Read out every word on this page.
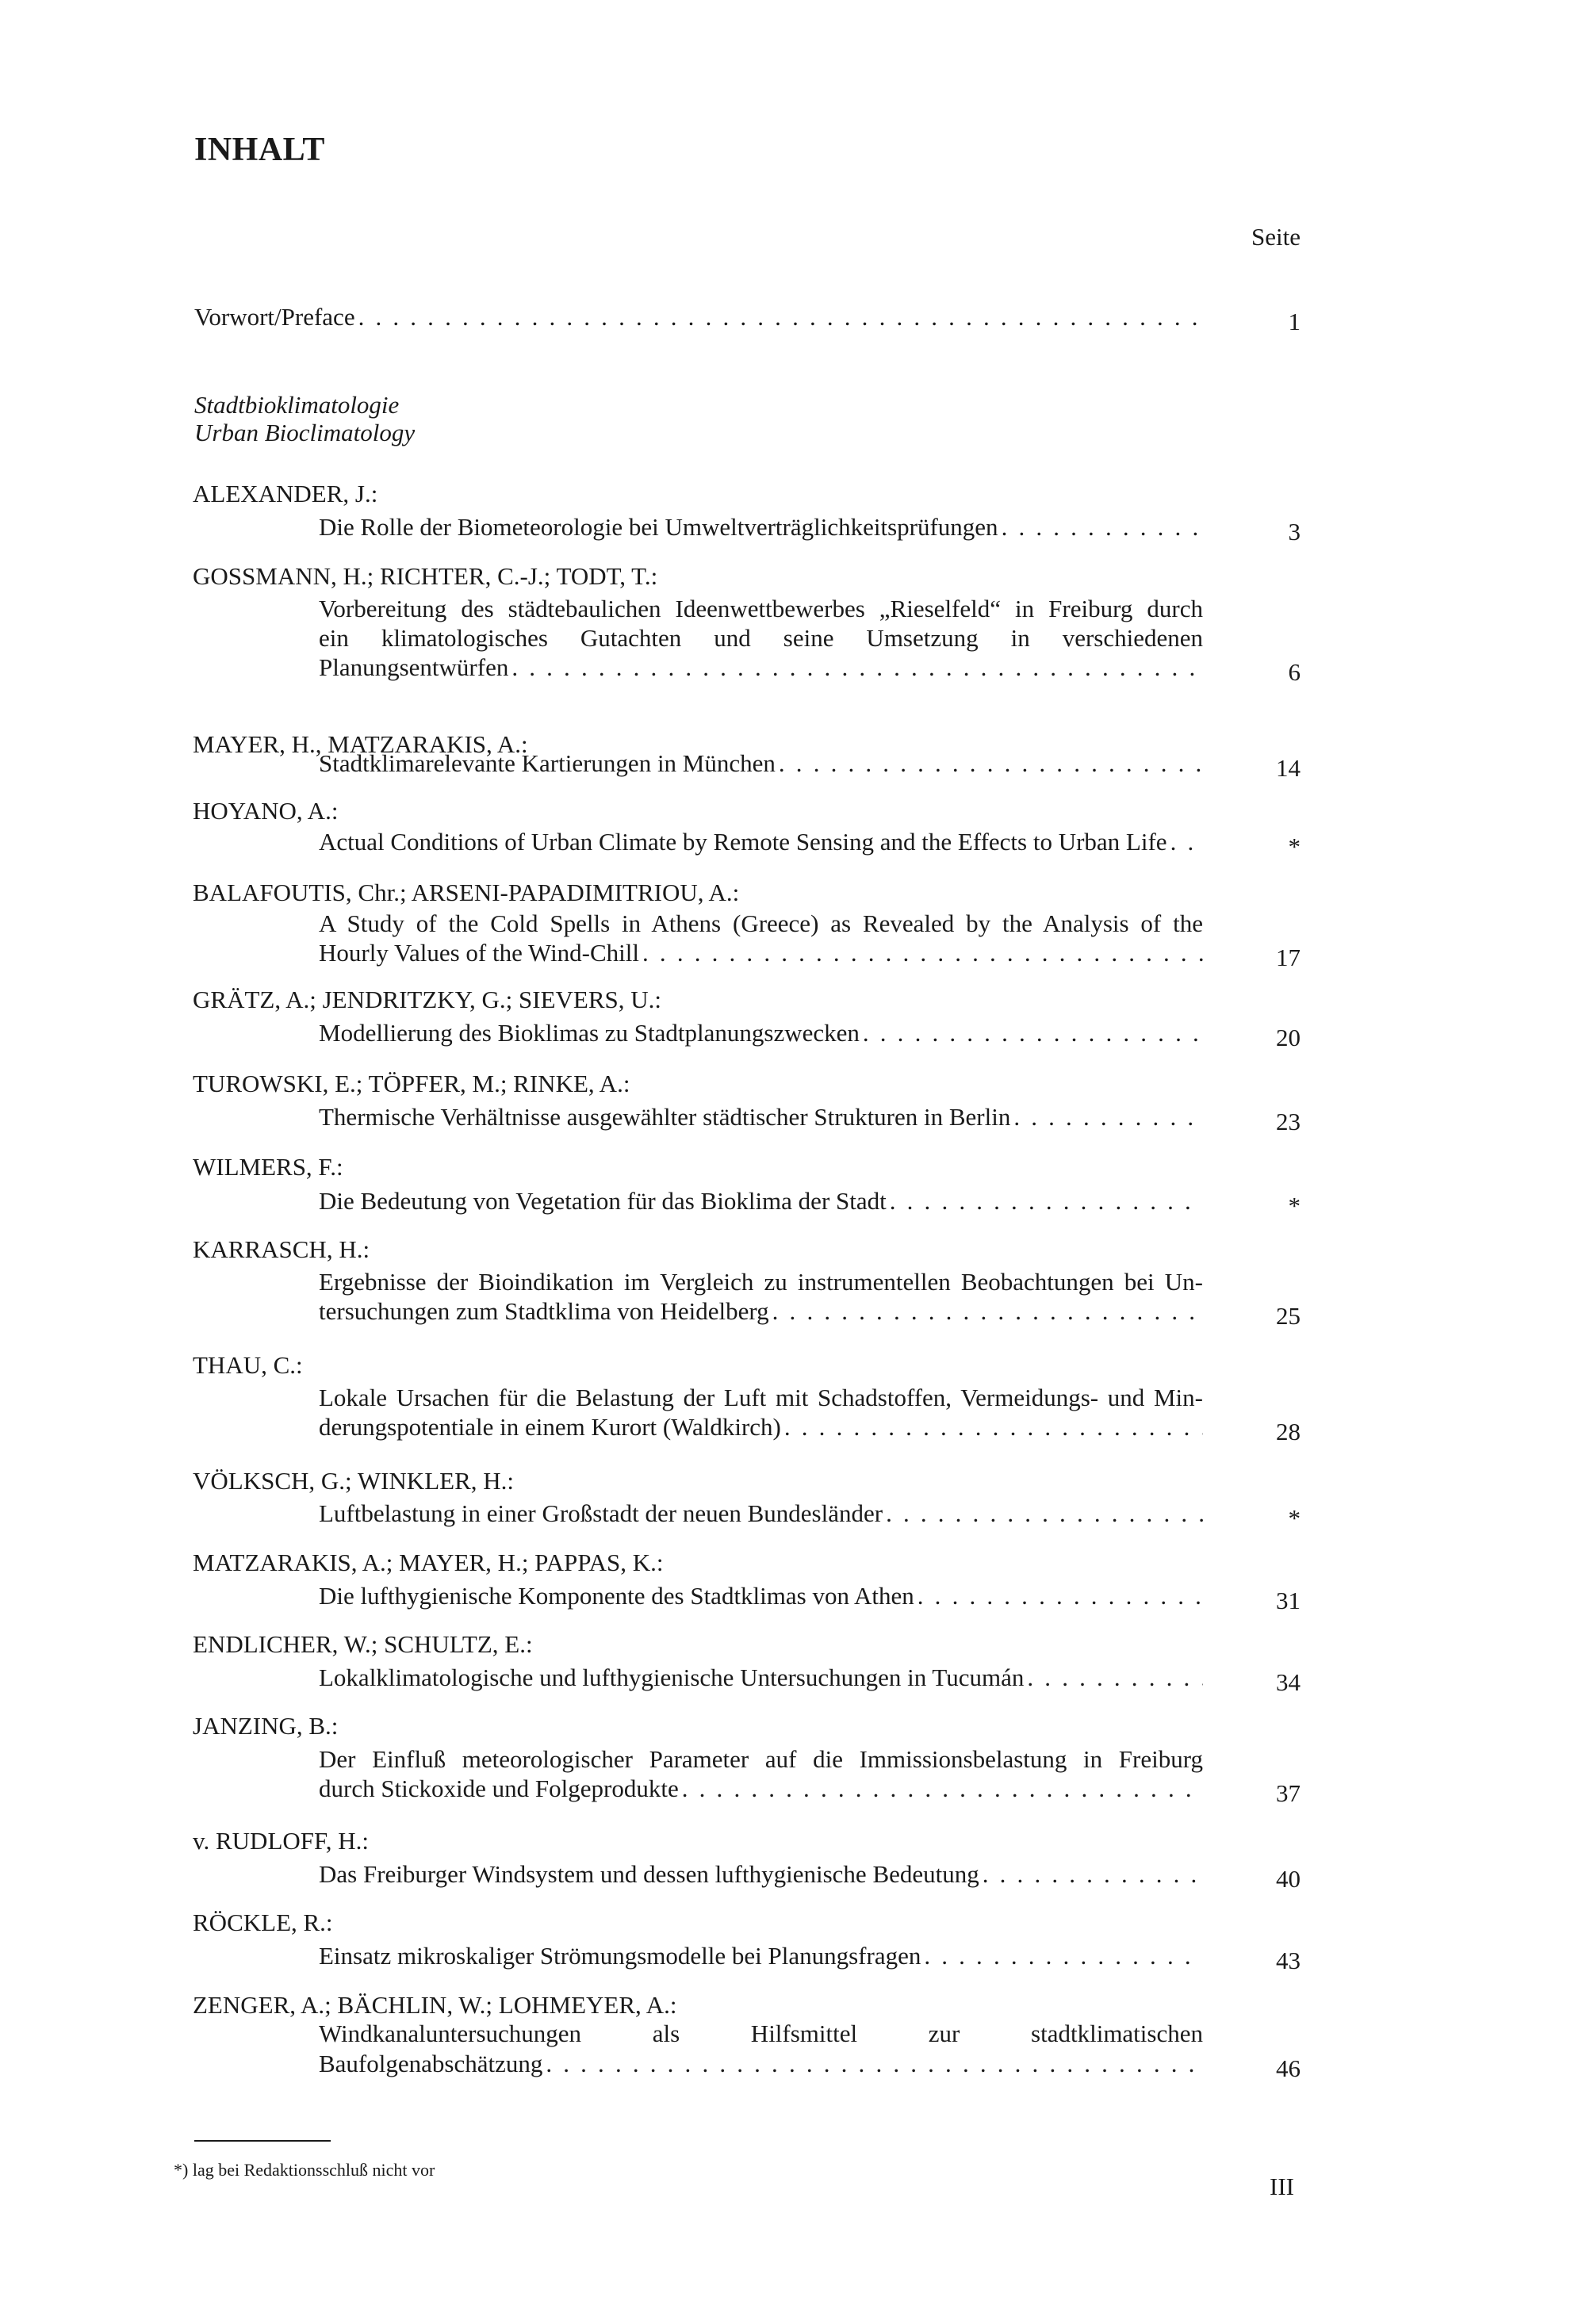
INHALT
Seite
Vorwort/Preface . . .	1
Stadtbioklimatologie
Urban Bioclimatology
ALEXANDER, J.:
Die Rolle der Biometeorologie bei Umweltverträglichkeitsprüfungen . . .	3
GOSSMANN, H.; RICHTER, C.-J.; TODT, T.:
Vorbereitung des städtebaulichen Ideenwettbewerbes „Rieselfeld“ in Freiburg durch
ein klimatologisches Gutachten und seine Umsetzung in verschiedenen
Planungsentwürfen . . .	6
MAYER, H., MATZARAKIS, A.:
Stadtklimarelevante Kartierungen in München . . .	14
HOYANO, A.:
Actual Conditions of Urban Climate by Remote Sensing and the Effects to Urban Life . . .	*
BALAFOUTIS, Chr.; ARSENI-PAPADIMITRIOU, A.:
A Study of the Cold Spells in Athens (Greece) as Revealed by the Analysis of the
Hourly Values of the Wind-Chill . . .	17
GRÄTZ, A.; JENDRITZKY, G.; SIEVERS, U.:
Modellierung des Bioklimas zu Stadtplanungszwecken . . .	20
TUROWSKI, E.; TÖPFER, M.; RINKE, A.:
Thermische Verhältnisse ausgewählter städtischer Strukturen in Berlin . . .	23
WILMERS, F.:
Die Bedeutung von Vegetation für das Bioklima der Stadt . . .	*
KARRASCH, H.:
Ergebnisse der Bioindikation im Vergleich zu instrumentellen Beobachtungen bei Un-
tersuchungen zum Stadtklima von Heidelberg . . .	25
THAU, C.:
Lokale Ursachen für die Belastung der Luft mit Schadstoffen, Vermeidungs- und Min-
derungspotentiale in einem Kurort (Waldkirch) . . .	28
VÖLKSCH, G.; WINKLER, H.:
Luftbelastung in einer Großstadt der neuen Bundesländer . . .	*
MATZARAKIS, A.; MAYER, H.; PAPPAS, K.:
Die lufthygienische Komponente des Stadtklimas von Athen . . .	31
ENDLICHER, W.; SCHULTZ, E.:
Lokalklimatologische und lufthygienische Untersuchungen in Tucumán . . .	34
JANZING, B.:
Der Einfluß meteorologischer Parameter auf die Immissionsbelastung in Freiburg
durch Stickoxide und Folgeprodukte . . .	37
v. RUDLOFF, H.:
Das Freiburger Windsystem und dessen lufthygienische Bedeutung . . .	40
RÖCKLE, R.:
Einsatz mikroskaliger Strömungsmodelle bei Planungsfragen . . .	43
ZENGER, A.; BÄCHLIN, W.; LOHMEYER, A.:
Windkanaluntersuchungen als Hilfsmittel zur stadtklimatischen
Baufolgenabschätzung . . .	46
*) lag bei Redaktionsschluß nicht vor
III
